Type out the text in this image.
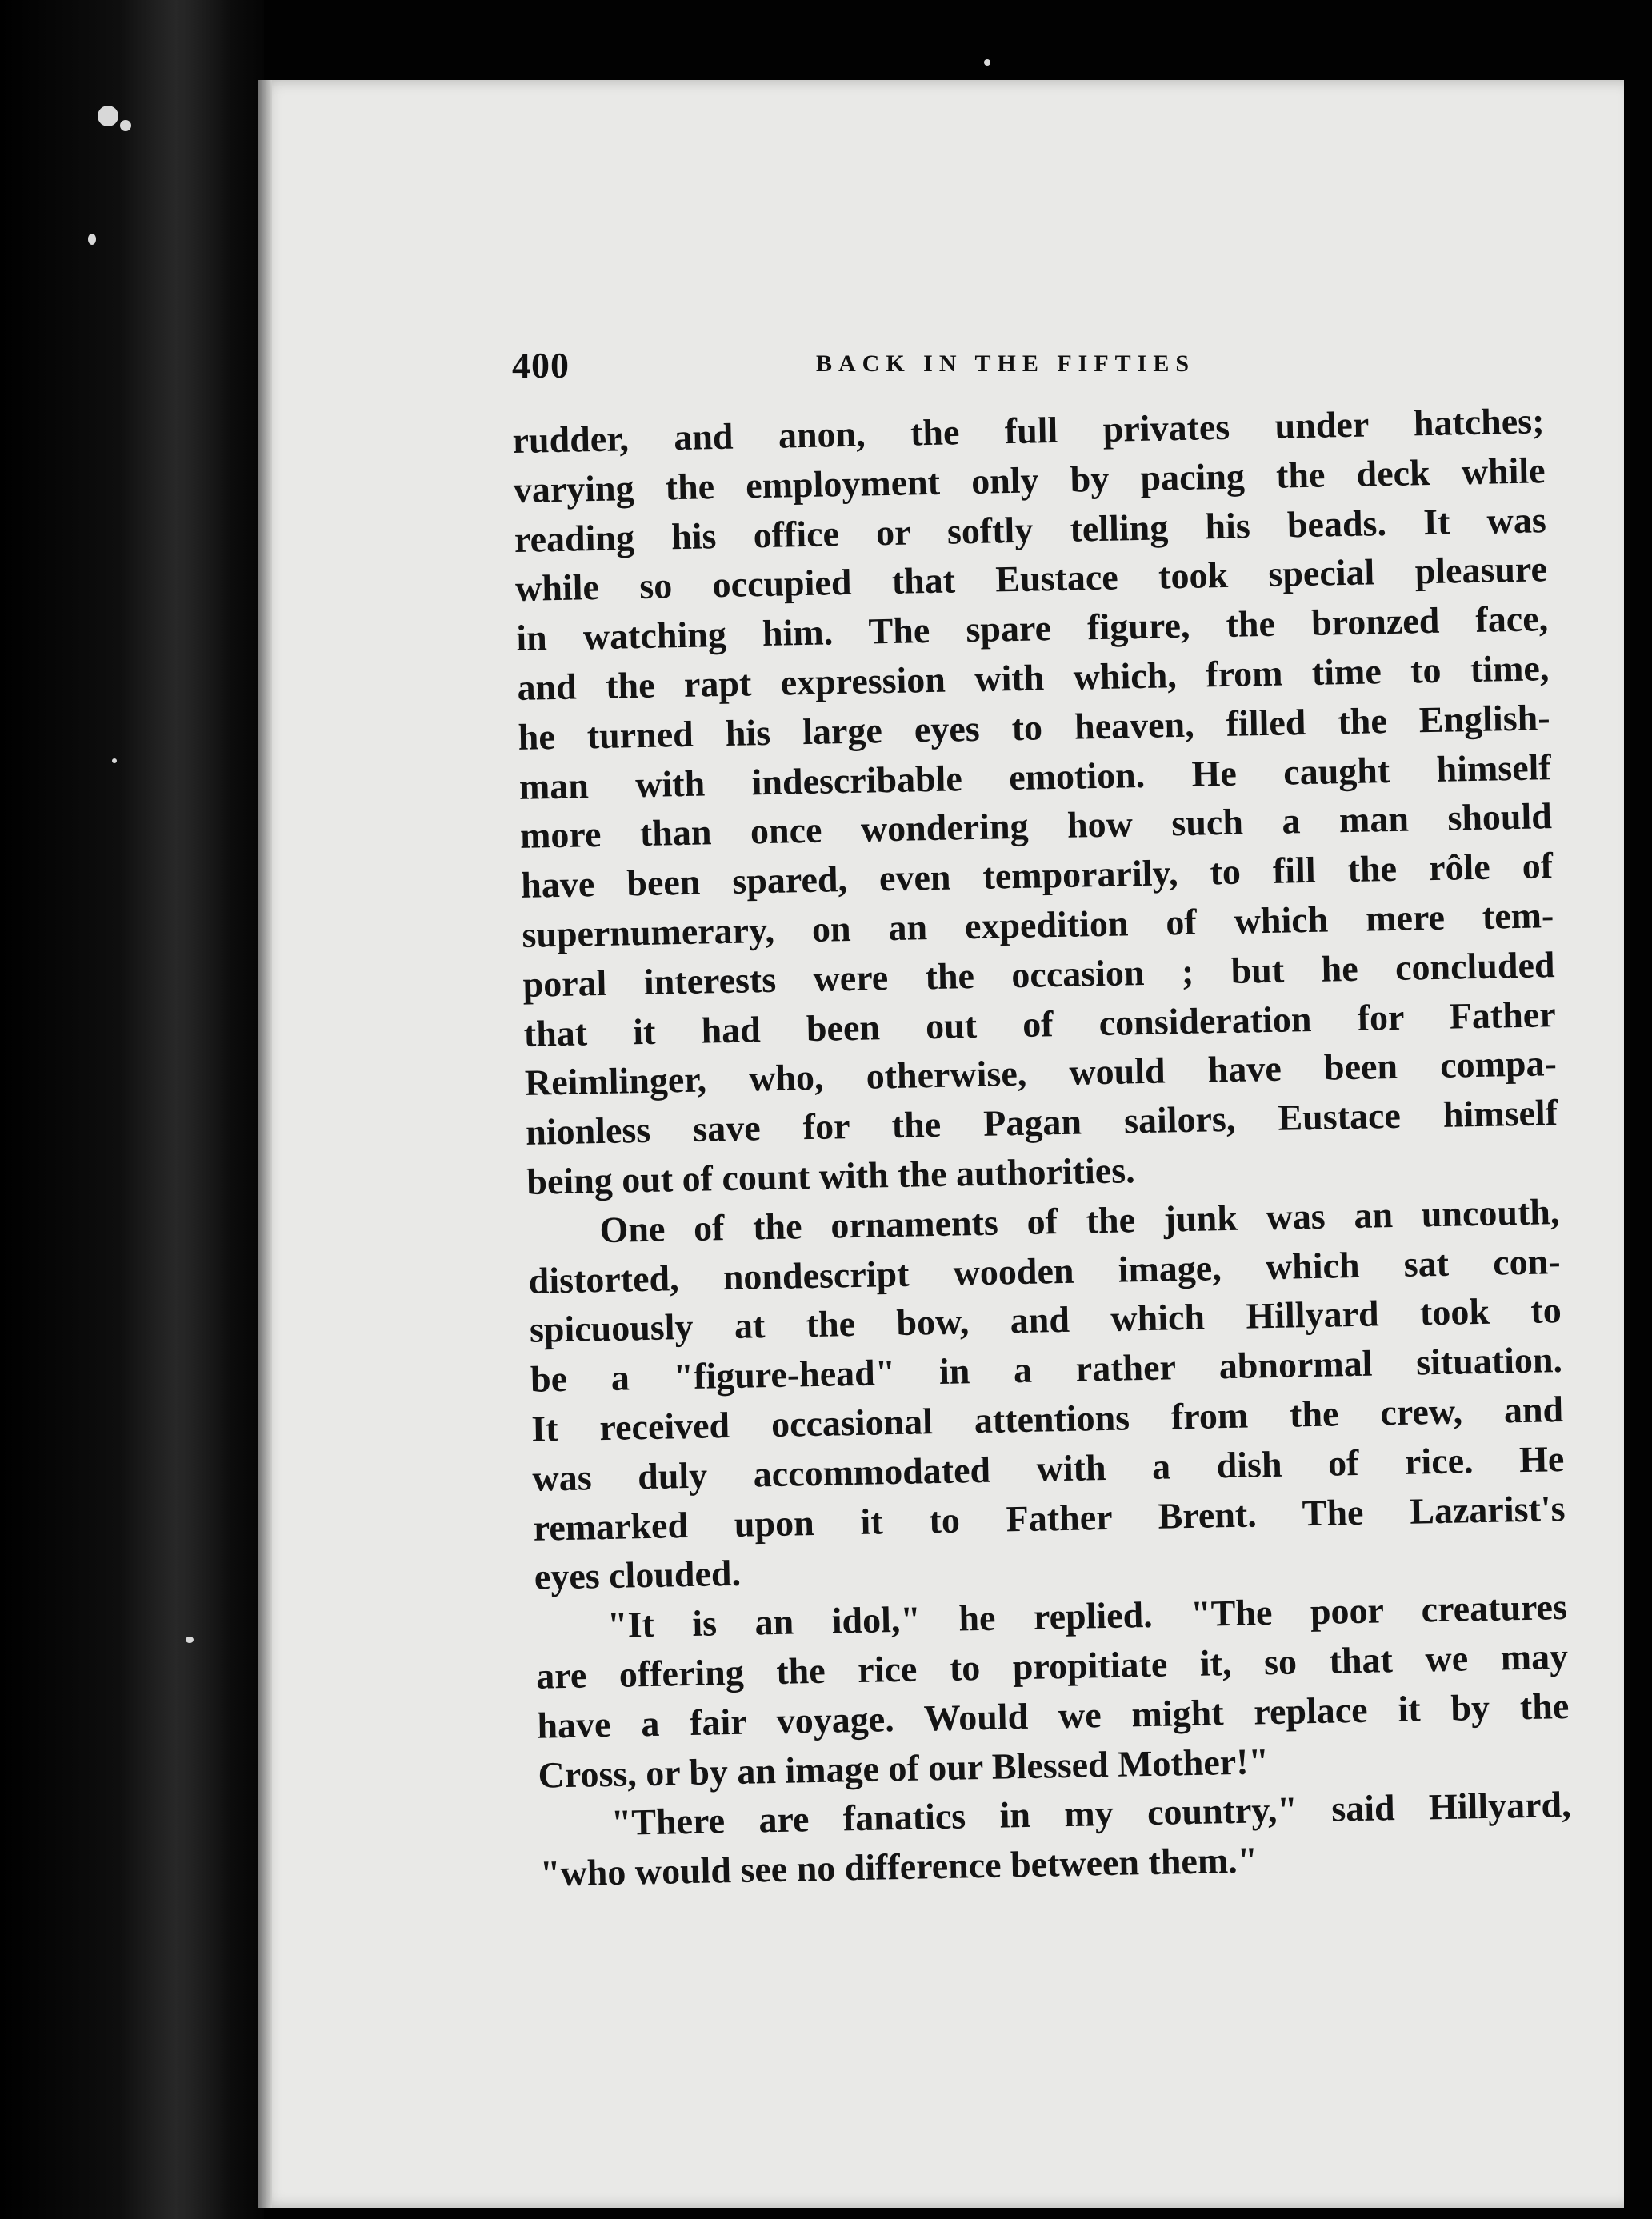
400	BACK IN THE FIFTIES
rudder, and anon, the full privates under hatches;
varying the employment only by pacing the deck while
reading his office or softly telling his beads. It was
while so occupied that Eustace took special pleasure
in watching him. The spare figure, the bronzed face,
and the rapt expression with which, from time to time,
he turned his large eyes to heaven, filled the English-
man with indescribable emotion. He caught himself
more than once wondering how such a man should
have been spared, even temporarily, to fill the rôle of
supernumerary, on an expedition of which mere tem-
poral interests were the occasion ; but he concluded
that it had been out of consideration for Father
Reimlinger, who, otherwise, would have been compa-
nionless save for the Pagan sailors, Eustace himself
being out of count with the authorities.
One of the ornaments of the junk was an uncouth,
distorted, nondescript wooden image, which sat con-
spicuously at the bow, and which Hillyard took to
be a "figure-head" in a rather abnormal situation.
It received occasional attentions from the crew, and
was duly accommodated with a dish of rice. He
remarked upon it to Father Brent. The Lazarist's
eyes clouded.
"It is an idol," he replied. "The poor creatures
are offering the rice to propitiate it, so that we may
have a fair voyage. Would we might replace it by the
Cross, or by an image of our Blessed Mother!"
"There are fanatics in my country," said Hillyard,
"who would see no difference between them."
